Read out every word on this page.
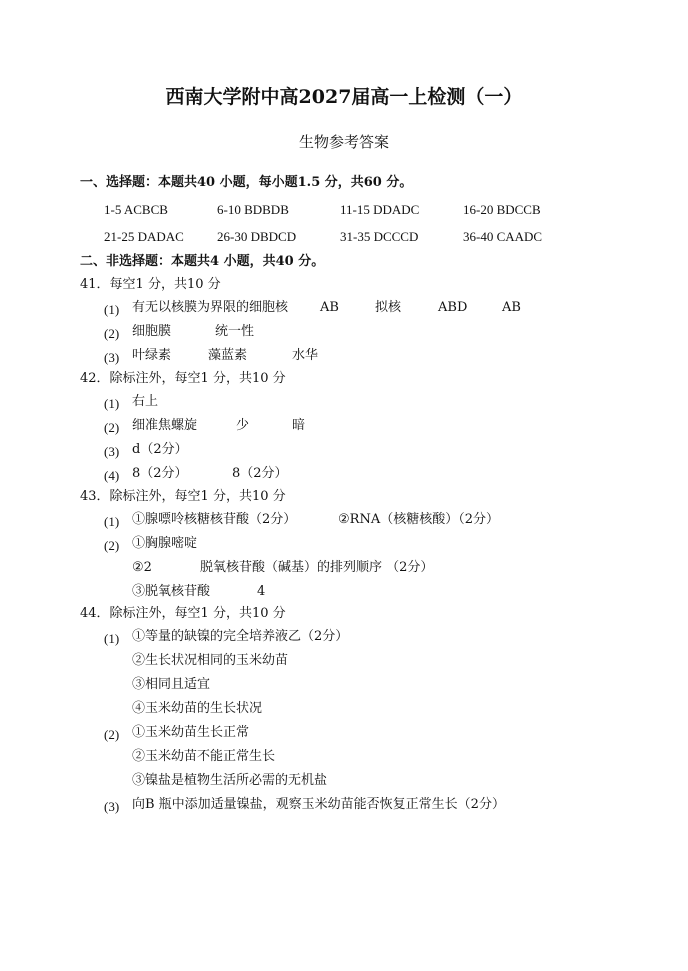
西南大学附中高2027届高一上检测（一）
生物参考答案
一、选择题：本题共40 小题，每小题1.5 分，共60 分。
1-5 ACBCB	6-10 BDBDB	11-15 DDADC	16-20 BDCCB
21-25 DADAC	26-30 DBDCD	31-35 DCCCD	36-40 CAADC
二、非选择题：本题共4 小题，共40 分。
41．每空1 分，共10 分
(1) 有无以核膜为界限的细胞核 AB	拟核	ABD	AB
(2) 细胞膜	统一性
(3) 叶绿素	藻蓝素	水华
42．除标注外，每空1 分，共10 分
(1) 右上
(2) 细准焦螺旋	少	暗
(3) d（2分）
(4) 8（2分）	8（2分）
43．除标注外，每空1 分，共10 分
(1) ①腺嘌呤核糖核苷酸（2分）	②RNA（核糖核酸）（2分）
(2) ①胸腺嘧啶
②2	脱氧核苷酸（碱基）的排列顺序 （2分）
③脱氧核苷酸	4
44．除标注外，每空1 分，共10 分
(1) ①等量的缺镍的完全培养液乙（2分）
②生长状况相同的玉米幼苗
③相同且适宜
④玉米幼苗的生长状况
(2) ①玉米幼苗生长正常
②玉米幼苗不能正常生长
③镍盐是植物生活所必需的无机盐
(3) 向B 瓶中添加适量镍盐，观察玉米幼苗能否恢复正常生长（2分）
